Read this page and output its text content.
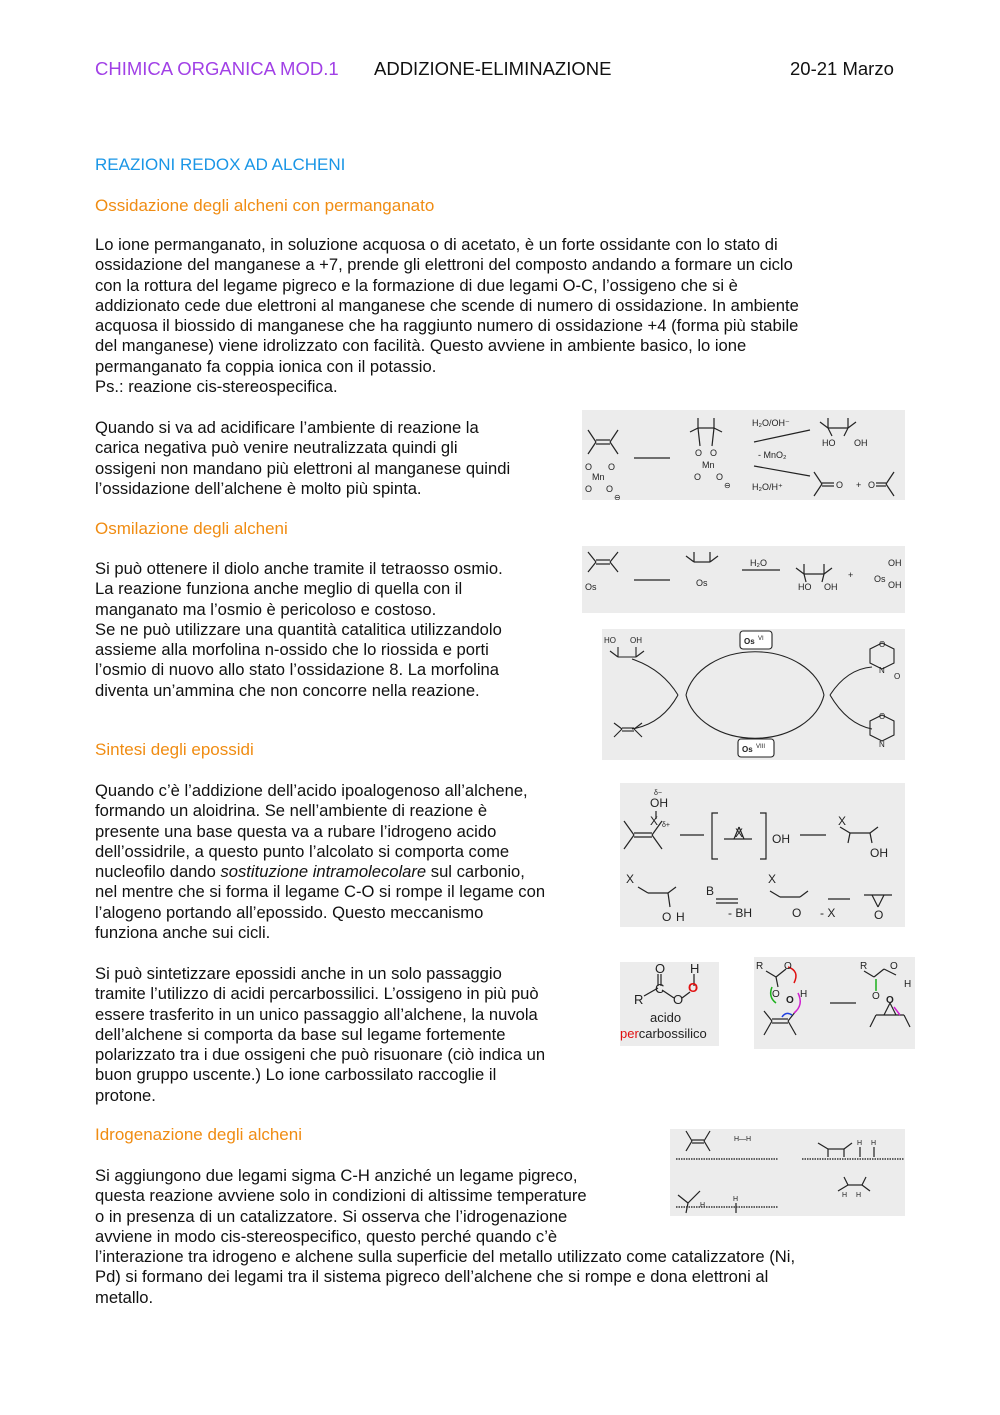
CHIMICA ORGANICA MOD.1 ADDIZIONE-ELIMINAZIONE	20-21 Marzo
REAZIONI REDOX AD ALCHENI
Ossidazione degli alcheni con permanganato
Lo ione permanganato, in soluzione acquosa o di acetato, è un forte ossidante con lo stato di
ossidazione del manganese a +7, prende gli elettroni del composto andando a formare un ciclo
con la rottura del legame pigreco e la formazione di due legami O-C, l’ossigeno che si è
addizionato cede due elettroni al manganese che scende di numero di ossidazione. In ambiente
acquosa il biossido di manganese che ha raggiunto numero di ossidazione +4 (forma più stabile
del manganese) viene idrolizzato con facilità. Questo avviene in ambiente basico, lo ione
permanganato fa coppia ionica con il potassio.
Ps.: reazione cis-stereospecifica.
Quando si va ad acidificare l’ambiente di reazione la
carica negativa può venire neutralizzata quindi gli
ossigeni non mandano più elettroni al manganese quindi
l’ossidazione dell’alchene è molto più spinta.
O O
Mn
O O
⊖
O O
Mn
O O
⊖
H₂O/OH⁻
- MnO₂
H₂O/H⁺
HO OH
O + O
Osmilazione degli alcheni
Si può ottenere il diolo anche tramite il tetraosso osmio.
La reazione funziona anche meglio di quella con il
manganato ma l’osmio è pericoloso e costoso.
Se ne può utilizzare una quantità catalitica utilizzandolo
assieme alla morfolina n-ossido che lo riossida e porti
l’osmio di nuovo allo stato l’ossidazione 8. La morfolina
diventa un’ammina che non concorre nella reazione.
Os
H₂O
Os	HO OH
+ Os
OH
OH
HO OH	Os VI
Os VIII
O
N
O
O
N
Sintesi degli epossidi
Quando c’è l’addizione dell’acido ipoalogenoso all’alchene,
formando un aloidrina. Se nell’ambiente di reazione è
presente una base questa va a rubare l’idrogeno acido
dell’ossidrile, a questo punto l’alcolato si comporta come
nucleofilo dando sostituzione intramolecolare sul carbonio,
nel mentre che si forma il legame C-O si rompe il legame con
l’alogeno portando all’epossido. Questo meccanismo
funziona anche sui cicli.
OH
δ−
X δ+
X OH
X
OH
X
O H
B
- BH
X
O - X	O
Si può sintetizzare epossidi anche in un solo passaggio
tramite l’utilizzo di acidi percarbossilici. L’ossigeno in più può
essere trasferito in un unico passaggio all’alchene, la nuvola
dell’alchene si comporta da base sul legame fortemente
polarizzato tra i due ossigeni che può risuonare (ciò indica un
buon gruppo uscente.) Lo ione carbossilato raccoglie il
protone.
O H
R
C
O
O
acido
percarbossilico
R O
O
O
H
R
O
O
H
O
Idrogenazione degli alcheni	H—H
H H
H
H
H H
Si aggiungono due legami sigma C-H anziché un legame pigreco,
questa reazione avviene solo in condizioni di altissime temperature
o in presenza di un catalizzatore. Si osserva che l’idrogenazione
avviene in modo cis-stereospecifico, questo perché quando c’è
l’interazione tra idrogeno e alchene sulla superficie del metallo utilizzato come catalizzatore (Ni,
Pd) si formano dei legami tra il sistema pigreco dell’alchene che si rompe e dona elettroni al
metallo.
